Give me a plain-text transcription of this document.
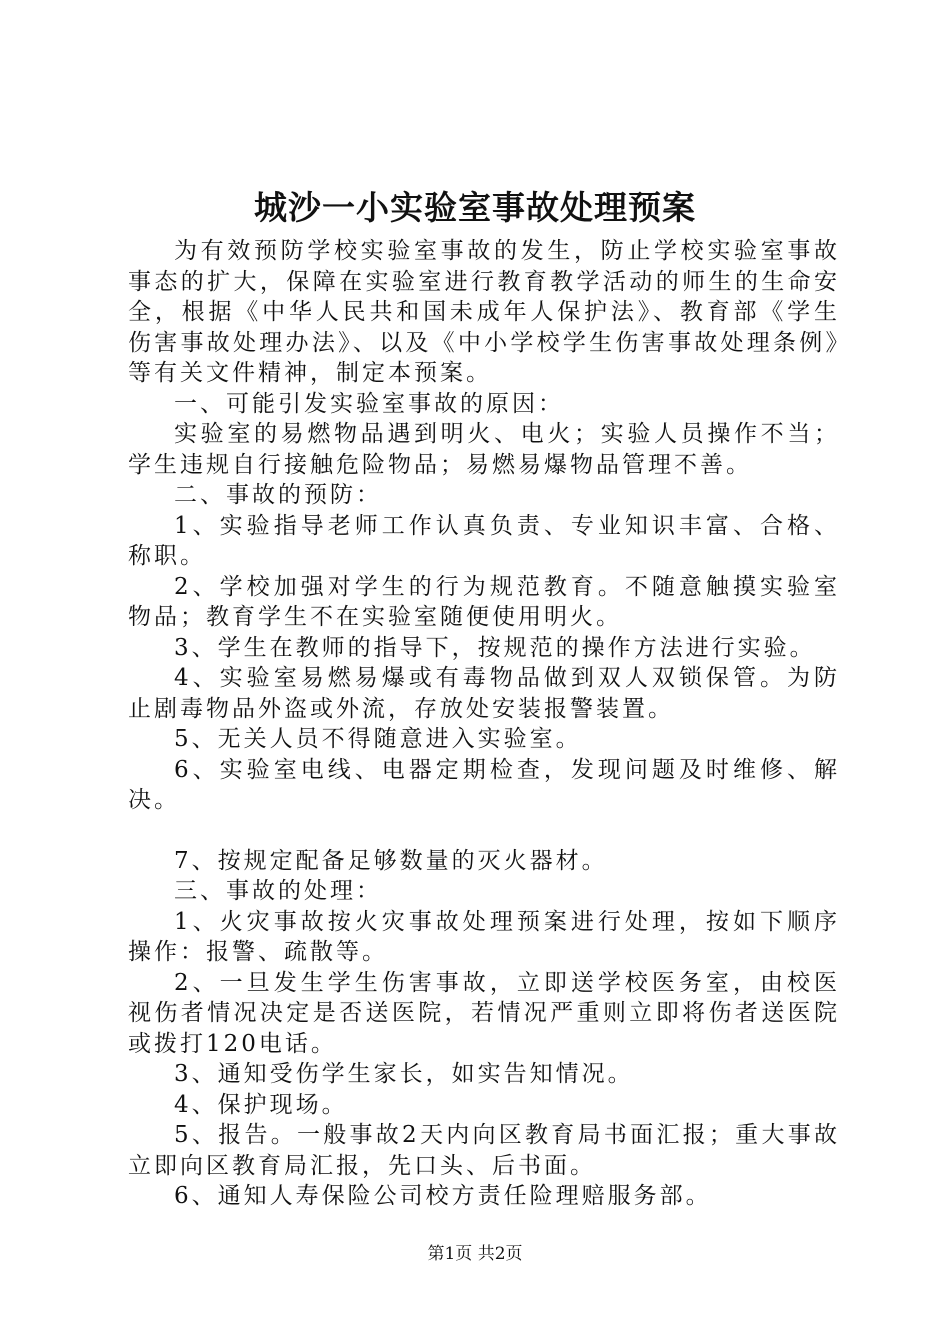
城沙一小实验室事故处理预案

为有效预防学校实验室事故的发生，防止学校实验室事故事态的扩大，保障在实验室进行教育教学活动的师生的生命安全，根据《中华人民共和国未成年人保护法》、教育部《学生伤害事故处理办法》、以及《中小学校学生伤害事故处理条例》等有关文件精神，制定本预案。

一、可能引发实验室事故的原因：

实验室的易燃物品遇到明火、电火；实验人员操作不当；学生违规自行接触危险物品；易燃易爆物品管理不善。

二、事故的预防：

1、实验指导老师工作认真负责、专业知识丰富、合格、称职。

2、学校加强对学生的行为规范教育。不随意触摸实验室物品；教育学生不在实验室随便使用明火。

3、学生在教师的指导下，按规范的操作方法进行实验。

4、实验室易燃易爆或有毒物品做到双人双锁保管。为防止剧毒物品外盗或外流，存放处安装报警装置。

5、无关人员不得随意进入实验室。

6、实验室电线、电器定期检查，发现问题及时维修、解决。

7、按规定配备足够数量的灭火器材。

三、事故的处理：

1、火灾事故按火灾事故处理预案进行处理，按如下顺序操作：报警、疏散等。

2、一旦发生学生伤害事故，立即送学校医务室，由校医视伤者情况决定是否送医院，若情况严重则立即将伤者送医院或拨打120电话。

3、通知受伤学生家长，如实告知情况。

4、保护现场。

5、报告。一般事故2天内向区教育局书面汇报；重大事故立即向区教育局汇报，先口头、后书面。

6、通知人寿保险公司校方责任险理赔服务部。

第1页 共2页
